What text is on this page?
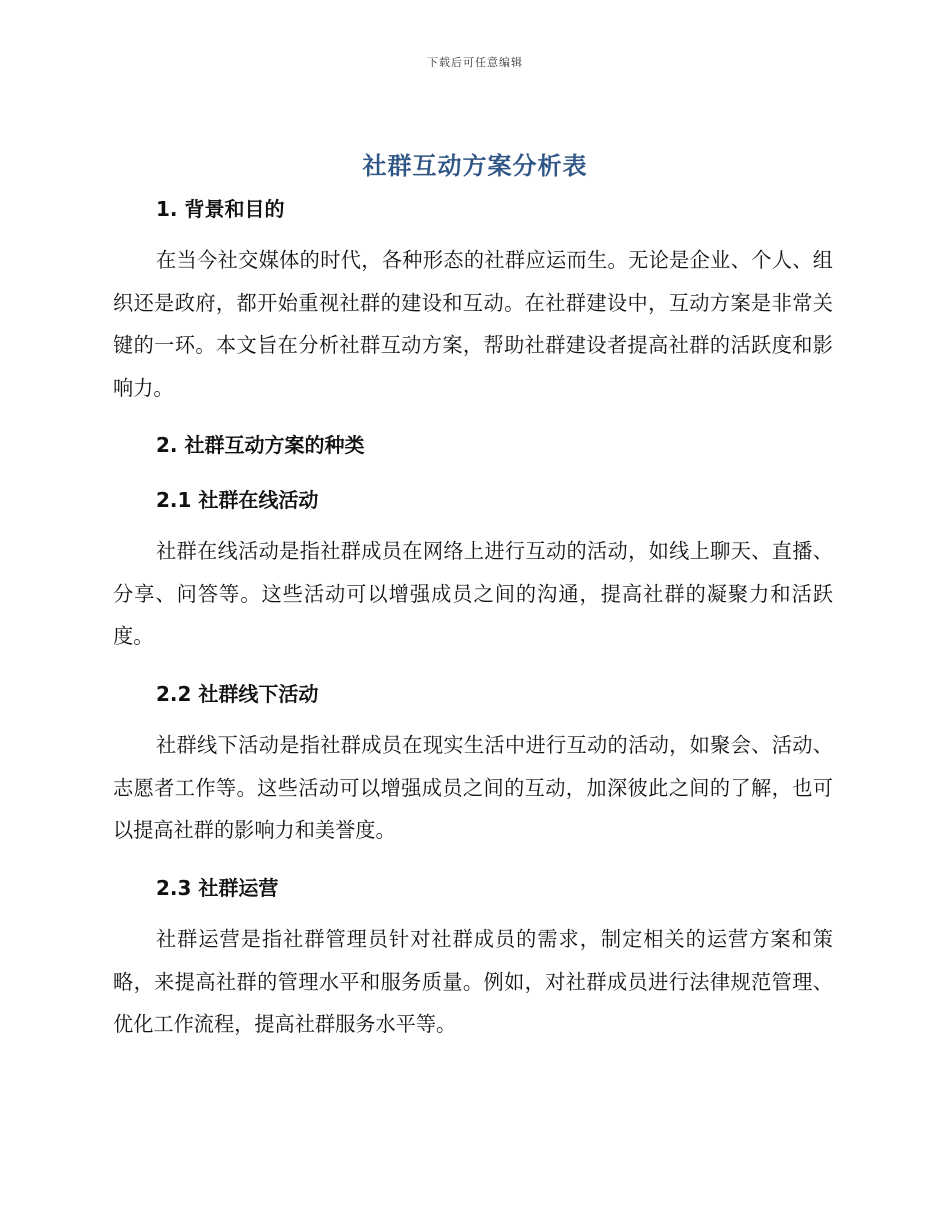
下载后可任意编辑
社群互动方案分析表
1. 背景和目的
在当今社交媒体的时代，各种形态的社群应运而生。无论是企业、个人、组织还是政府，都开始重视社群的建设和互动。在社群建设中，互动方案是非常关键的一环。本文旨在分析社群互动方案，帮助社群建设者提高社群的活跃度和影响力。
2. 社群互动方案的种类
2.1 社群在线活动
社群在线活动是指社群成员在网络上进行互动的活动，如线上聊天、直播、分享、问答等。这些活动可以增强成员之间的沟通，提高社群的凝聚力和活跃度。
2.2 社群线下活动
社群线下活动是指社群成员在现实生活中进行互动的活动，如聚会、活动、志愿者工作等。这些活动可以增强成员之间的互动，加深彼此之间的了解，也可以提高社群的影响力和美誉度。
2.3 社群运营
社群运营是指社群管理员针对社群成员的需求，制定相关的运营方案和策略，来提高社群的管理水平和服务质量。例如，对社群成员进行法律规范管理、优化工作流程，提高社群服务水平等。
